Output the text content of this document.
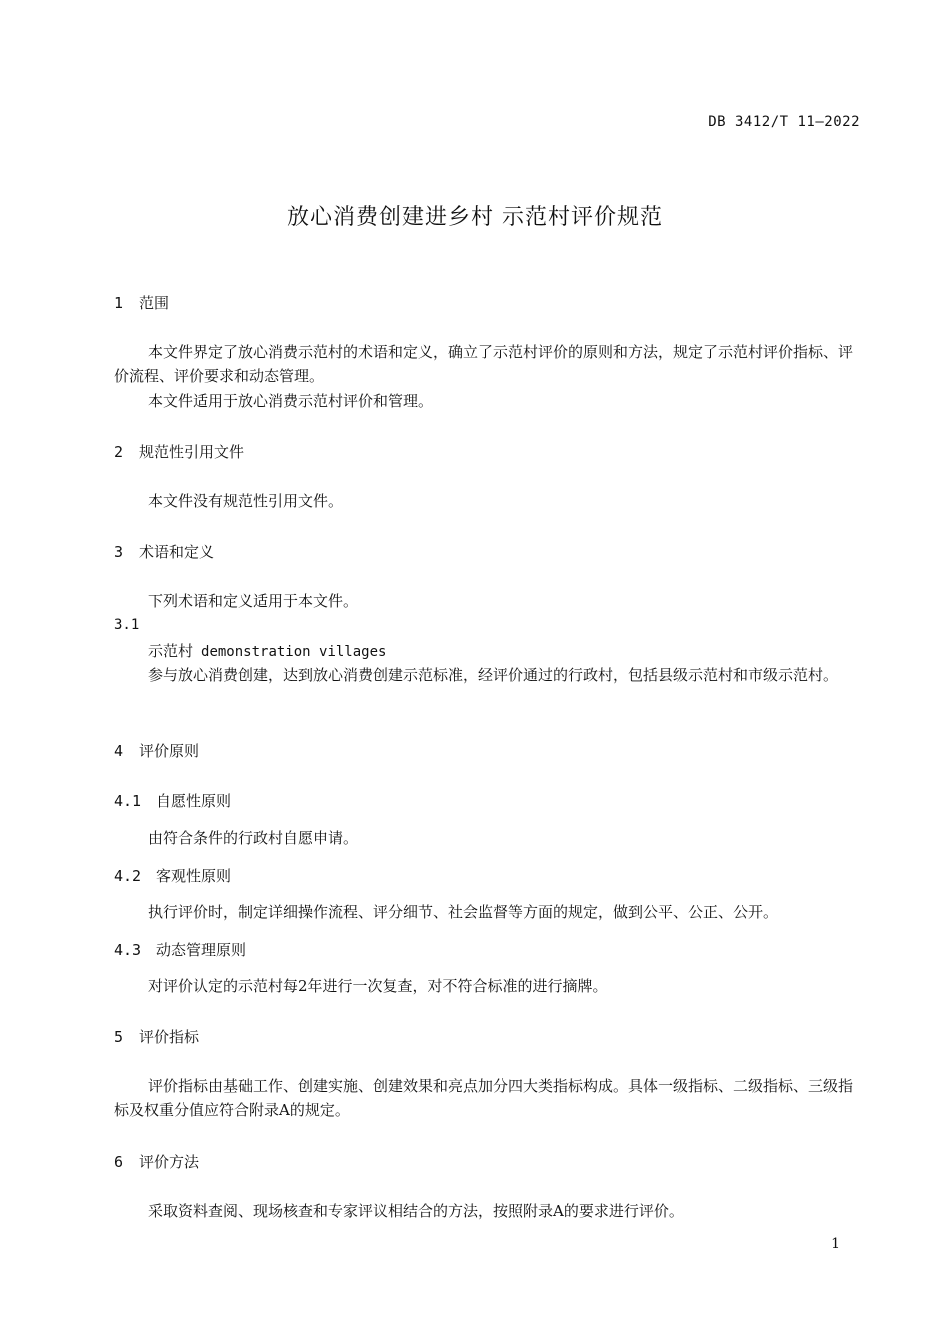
DB 3412/T 11—2022
放心消费创建进乡村 示范村评价规范
1 范围
本文件界定了放心消费示范村的术语和定义，确立了示范村评价的原则和方法，规定了示范村评价指标、评价流程、评价要求和动态管理。
本文件适用于放心消费示范村评价和管理。
2 规范性引用文件
本文件没有规范性引用文件。
3 术语和定义
下列术语和定义适用于本文件。
3.1
示范村 demonstration villages
参与放心消费创建，达到放心消费创建示范标准，经评价通过的行政村，包括县级示范村和市级示范村。
4 评价原则
4.1 自愿性原则
由符合条件的行政村自愿申请。
4.2 客观性原则
执行评价时，制定详细操作流程、评分细节、社会监督等方面的规定，做到公平、公正、公开。
4.3 动态管理原则
对评价认定的示范村每2年进行一次复查，对不符合标准的进行摘牌。
5 评价指标
评价指标由基础工作、创建实施、创建效果和亮点加分四大类指标构成。具体一级指标、二级指标、三级指标及权重分值应符合附录A的规定。
6 评价方法
采取资料查阅、现场核查和专家评议相结合的方法，按照附录A的要求进行评价。
1
